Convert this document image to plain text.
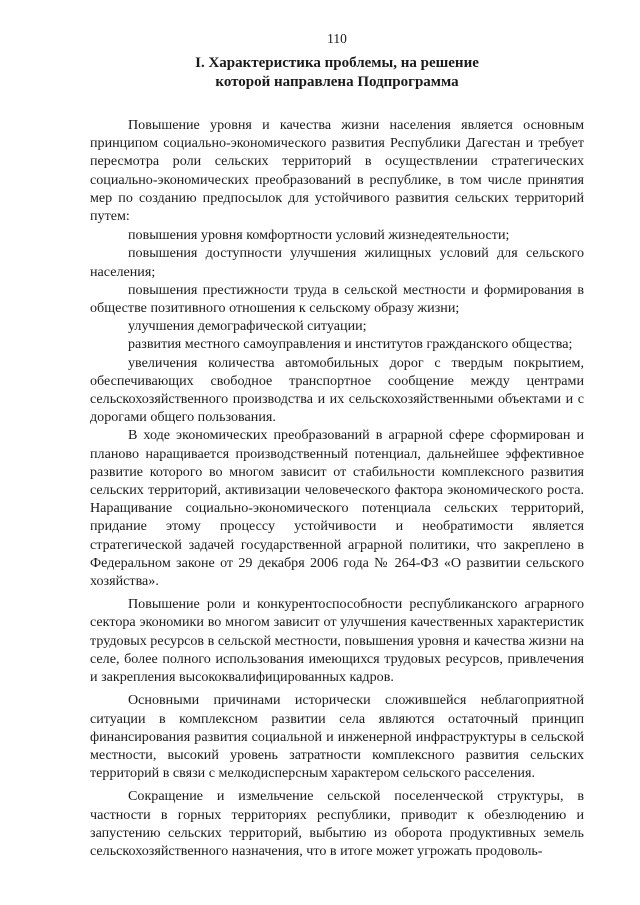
110
I. Характеристика проблемы, на решение
которой направлена Подпрограмма

Повышение уровня и качества жизни населения является основным принципом социально-экономического развития Республики Дагестан и требует пересмотра роли сельских территорий в осуществлении стратегических социально-экономических преобразований в республике, в том числе принятия мер по созданию предпосылок для устойчивого развития сельских территорий путем:

повышения уровня комфортности условий жизнедеятельности;

повышения доступности улучшения жилищных условий для сельского населения;

повышения престижности труда в сельской местности и формирования в обществе позитивного отношения к сельскому образу жизни;

улучшения демографической ситуации;

развития местного самоуправления и институтов гражданского общества;

увеличения количества автомобильных дорог с твердым покрытием, обеспечивающих свободное транспортное сообщение между центрами сельскохозяйственного производства и их сельскохозяйственными объектами и с дорогами общего пользования.

В ходе экономических преобразований в аграрной сфере сформирован и планово наращивается производственный потенциал, дальнейшее эффективное развитие которого во многом зависит от стабильности комплексного развития сельских территорий, активизации человеческого фактора экономического роста. Наращивание социально-экономического потенциала сельских территорий, придание этому процессу устойчивости и необратимости является стратегической задачей государственной аграрной политики, что закреплено в Федеральном законе от 29 декабря 2006 года № 264-ФЗ «О развитии сельского хозяйства».

Повышение роли и конкурентоспособности республиканского аграрного сектора экономики во многом зависит от улучшения качественных характеристик трудовых ресурсов в сельской местности, повышения уровня и качества жизни на селе, более полного использования имеющихся трудовых ресурсов, привлечения и закрепления высококвалифицированных кадров.

Основными причинами исторически сложившейся неблагоприятной ситуации в комплексном развитии села являются остаточный принцип финансирования развития социальной и инженерной инфраструктуры в сельской местности, высокий уровень затратности комплексного развития сельских территорий в связи с мелкодисперсным характером сельского расселения.

Сокращение и измельчение сельской поселенческой структуры, в частности в горных территориях республики, приводит к обезлюдению и запустению сельских территорий, выбытию из оборота продуктивных земель сельскохозяйственного назначения, что в итоге может угрожать продоволь-
